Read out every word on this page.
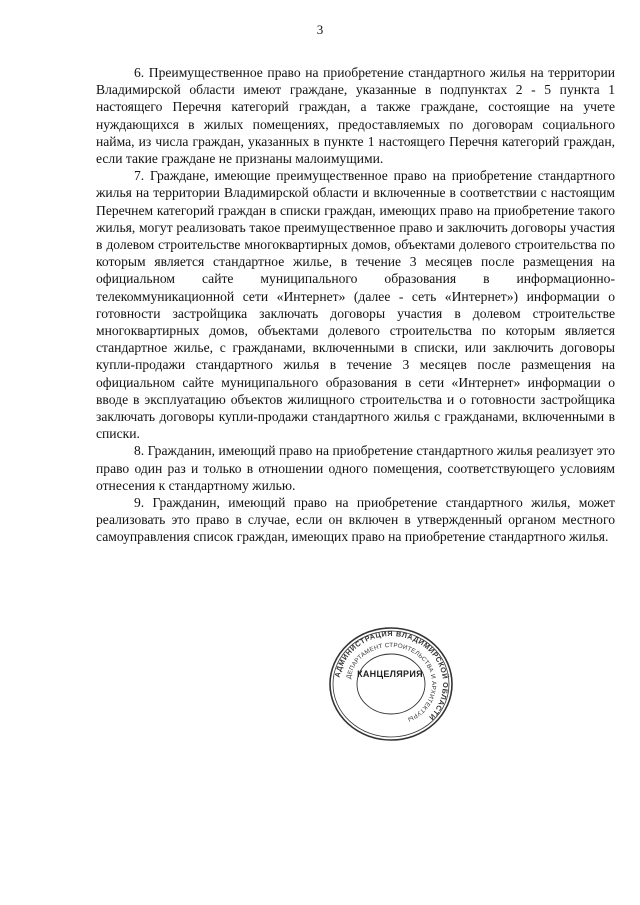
3

6. Преимущественное право на приобретение стандартного жилья на территории Владимирской области имеют граждане, указанные в подпунктах 2 - 5 пункта 1 настоящего Перечня категорий граждан, а также граждане, состоящие на учете нуждающихся в жилых помещениях, предоставляемых по договорам социального найма, из числа граждан, указанных в пункте 1 настоящего Перечня категорий граждан, если такие граждане не признаны малоимущими.

7. Граждане, имеющие преимущественное право на приобретение стандартного жилья на территории Владимирской области и включенные в соответствии с настоящим Перечнем категорий граждан в списки граждан, имеющих право на приобретение такого жилья, могут реализовать такое преимущественное право и заключить договоры участия в долевом строительстве многоквартирных домов, объектами долевого строительства по которым является стандартное жилье, в течение 3 месяцев после размещения на официальном сайте муниципального образования в информационно-телекоммуникационной сети «Интернет» (далее - сеть «Интернет») информации о готовности застройщика заключать договоры участия в долевом строительстве многоквартирных домов, объектами долевого строительства по которым является стандартное жилье, с гражданами, включенными в списки, или заключить договоры купли-продажи стандартного жилья в течение 3 месяцев после размещения на официальном сайте муниципального образования в сети «Интернет» информации о вводе в эксплуатацию объектов жилищного строительства и о готовности застройщика заключать договоры купли-продажи стандартного жилья с гражданами, включенными в списки.

8. Гражданин, имеющий право на приобретение стандартного жилья реализует это право один раз и только в отношении одного помещения, соответствующего условиям отнесения к стандартному жилью.

9. Гражданин, имеющий право на приобретение стандартного жилья, может реализовать это право в случае, если он включен в утвержденный органом местного самоуправления список граждан, имеющих право на приобретение стандартного жилья.

АДМИНИСТРАЦИЯ ВЛАДИМИРСКОЙ ОБЛАСТИ
ДЕПАРТАМЕНТ СТРОИТЕЛЬСТВА И АРХИТЕКТУРЫ
КАНЦЕЛЯРИЯ
